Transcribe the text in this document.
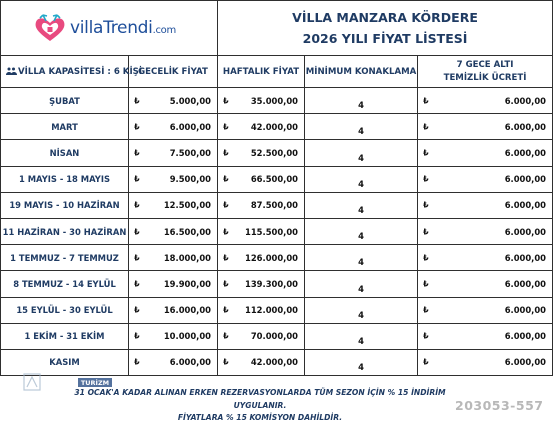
villaTrendi.com		VİLLA MANZARA KÖRDERE
2026 YILI FİYAT LİSTESİ		

VİLLA KAPASİTESİ : 6 KİŞİ	GECELİK FİYAT	HAFTALIK FİYAT	MİNİMUM KONAKLAMA	7 GECE ALTI
TEMİZLİK ÜCRETİ

ŞUBAT	₺ 5.000,00	₺ 35.000,00	4	₺ 6.000,00

MART	₺ 6.000,00	₺ 42.000,00	4	₺ 6.000,00

NİSAN	₺ 7.500,00	₺ 52.500,00	4	₺ 6.000,00

1 MAYIS - 18 MAYIS	₺ 9.500,00	₺ 66.500,00	4	₺ 6.000,00

19 MAYIS - 10 HAZİRAN	₺ 12.500,00	₺ 87.500,00	4	₺ 6.000,00

11 HAZİRAN - 30 HAZİRAN	₺ 16.500,00	₺ 115.500,00	4	₺ 6.000,00

1 TEMMUZ - 7 TEMMUZ	₺ 18.000,00	₺ 126.000,00	4	₺ 6.000,00

8 TEMMUZ - 14 EYLÜL	₺ 19.900,00	₺ 139.300,00	4	₺ 6.000,00

15 EYLÜL - 30 EYLÜL	₺ 16.000,00	₺ 112.000,00	4	₺ 6.000,00

1 EKİM - 31 EKİM	₺ 10.000,00	₺ 70.000,00	4	₺ 6.000,00

KASIM	₺ 6.000,00	₺ 42.000,00	4	₺ 6.000,00
TURİZM
31 OCAK'A KADAR ALINAN ERKEN REZERVASYONLARDA TÜM SEZON İÇİN % 15 İNDİRİM UYGULANIR.
FİYATLARA % 15 KOMİSYON DAHİLDİR.
203053-557
